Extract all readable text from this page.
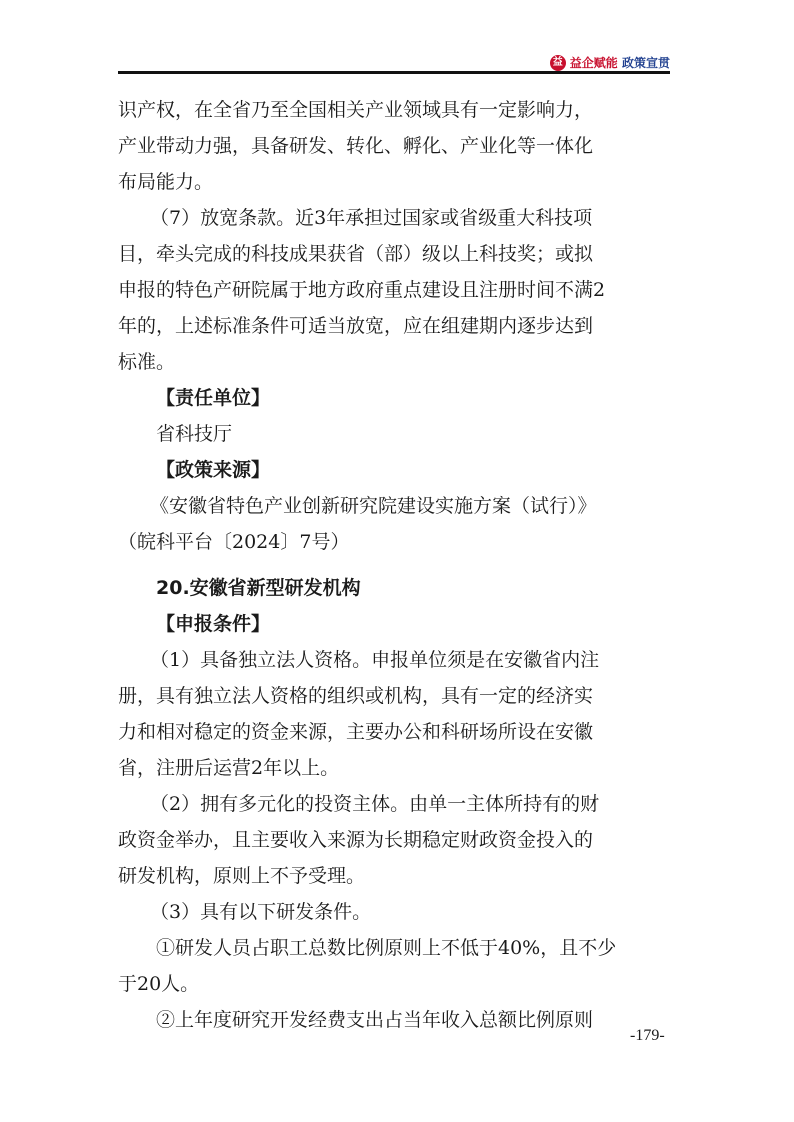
益 益企赋能 政策宣贯
识产权，在全省乃至全国相关产业领域具有一定影响力，
产业带动力强，具备研发、转化、孵化、产业化等一体化
布局能力。
（7）放宽条款。近3年承担过国家或省级重大科技项
目，牵头完成的科技成果获省（部）级以上科技奖；或拟
申报的特色产研院属于地方政府重点建设且注册时间不满2
年的，上述标准条件可适当放宽，应在组建期内逐步达到
标准。
【责任单位】
省科技厅
【政策来源】
《安徽省特色产业创新研究院建设实施方案（试行）》
（皖科平台〔2024〕7号）
20.安徽省新型研发机构
【申报条件】
（1）具备独立法人资格。申报单位须是在安徽省内注
册，具有独立法人资格的组织或机构，具有一定的经济实
力和相对稳定的资金来源，主要办公和科研场所设在安徽
省，注册后运营2年以上。
（2）拥有多元化的投资主体。由单一主体所持有的财
政资金举办，且主要收入来源为长期稳定财政资金投入的
研发机构，原则上不予受理。
（3）具有以下研发条件。
①研发人员占职工总数比例原则上不低于40%，且不少
于20人。
②上年度研究开发经费支出占当年收入总额比例原则
-179-
